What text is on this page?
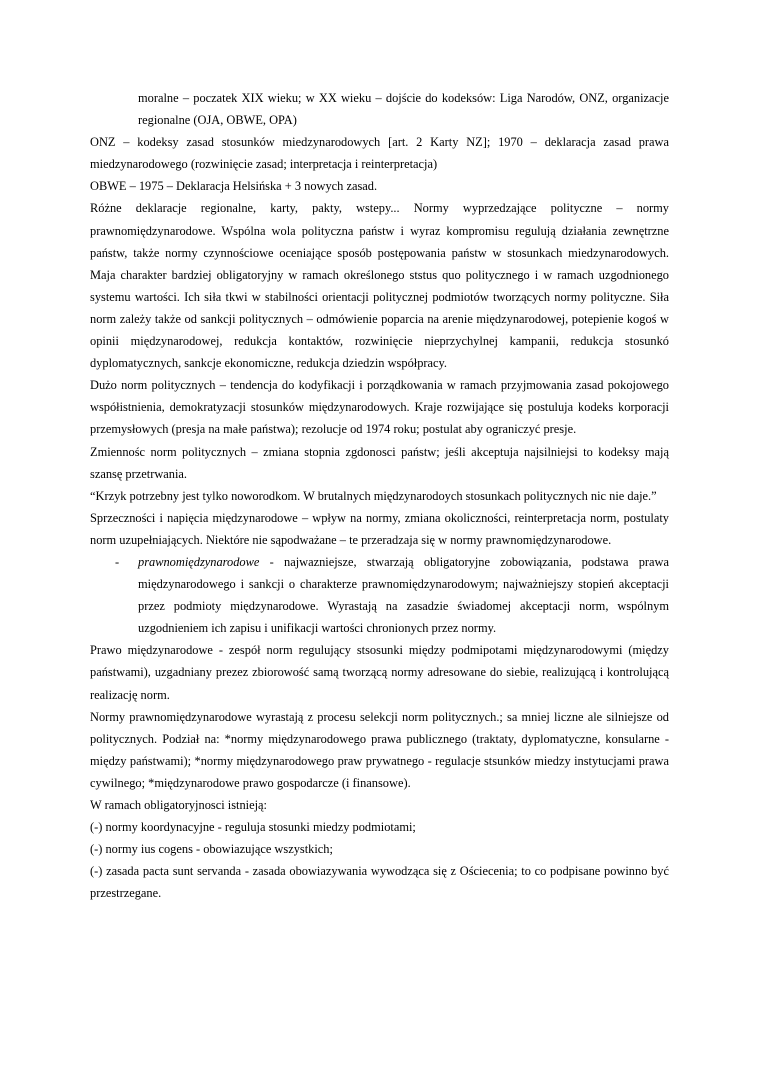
moralne – poczatek XIX wieku; w XX wieku – dojście do kodeksów: Liga Narodów, ONZ, organizacje regionalne (OJA, OBWE, OPA)

ONZ – kodeksy zasad stosunków miedzynarodowych [art. 2 Karty NZ]; 1970 – deklaracja zasad prawa miedzynarodowego (rozwinięcie zasad; interpretacja i reinterpretacja)

OBWE – 1975 – Deklaracja Helsińska + 3 nowych zasad.

Różne deklaracje regionalne, karty, pakty, wstepy... Normy wyprzedzające polityczne – normy prawnomiędzynarodowe. Wspólna wola polityczna państw i wyraz kompromisu regulują działania zewnętrzne państw, także normy czynnościowe oceniające sposób postępowania państw w stosunkach miedzynarodowych. Maja charakter bardziej obligatoryjny w ramach określonego ststus quo politycznego i w ramach uzgodnionego systemu wartości. Ich siła tkwi w stabilności orientacji politycznej podmiotów tworzących normy polityczne. Siła norm zależy także od sankcji politycznych – odmówienie poparcia na arenie międzynarodowej, potepienie kogoś w opinii międzynarodowej, redukcja kontaktów, rozwinięcie nieprzychylnej kampanii, redukcja stosunkó dyplomatycznych, sankcje ekonomiczne, redukcja dziedzin współpracy.

Dużo norm politycznych – tendencja do kodyfikacji i porządkowania w ramach przyjmowania zasad pokojowego współistnienia, demokratyzacji stosunków międzynarodowych. Kraje rozwijające się postuluja kodeks korporacji przemysłowych (presja na małe państwa); rezolucje od 1974 roku; postulat aby ograniczyć presje.

Zmiennośc norm politycznych – zmiana stopnia zgdonosci państw; jeśli akceptuja najsilniejsi to kodeksy mają szansę przetrwania.

“Krzyk potrzebny jest tylko noworodkom. W brutalnych międzynarodoych stosunkach politycznych nic nie daje.”

Sprzeczności i napięcia międzynarodowe – wpływ na normy, zmiana okoliczności, reinterpretacja norm, postulaty norm uzupełniających. Niektóre nie sąpodważane – te przeradzaja się w normy prawnomiędzynarodowe.

- prawnomiędzynarodowe - najwazniejsze, stwarzają obligatoryjne zobowiązania, podstawa prawa międzynarodowego i sankcji o charakterze prawnomiędzynarodowym; najważniejszy stopień akceptacji przez podmioty międzynarodowe. Wyrastają na zasadzie świadomej akceptacji norm, wspólnym uzgodnieniem ich zapisu i unifikacji wartości chronionych przez normy.

Prawo międzynarodowe - zespół norm regulujący stsosunki między podmipotami międzynarodowymi (między państwami), uzgadniany prezez zbiorowość samą tworzącą normy adresowane do siebie, realizującą i kontrolującą realizację norm.

Normy prawnomiędzynarodowe wyrastają z procesu selekcji norm politycznych.; sa mniej liczne ale silniejsze od politycznych. Podział na: *normy międzynarodowego prawa publicznego (traktaty, dyplomatyczne, konsularne - między państwami); *normy międzynarodowego praw prywatnego - regulacje stsunków miedzy instytucjami prawa cywilnego; *międzynarodowe prawo gospodarcze (i finansowe).

W ramach obligatoryjnosci istnieją:

(-) normy koordynacyjne - reguluja stosunki miedzy podmiotami;

(-) normy ius cogens - obowiazujące wszystkich;

(-) zasada pacta sunt servanda - zasada obowiazywania wywodząca się z Ościecenia; to co podpisane powinno być przestrzegane.
